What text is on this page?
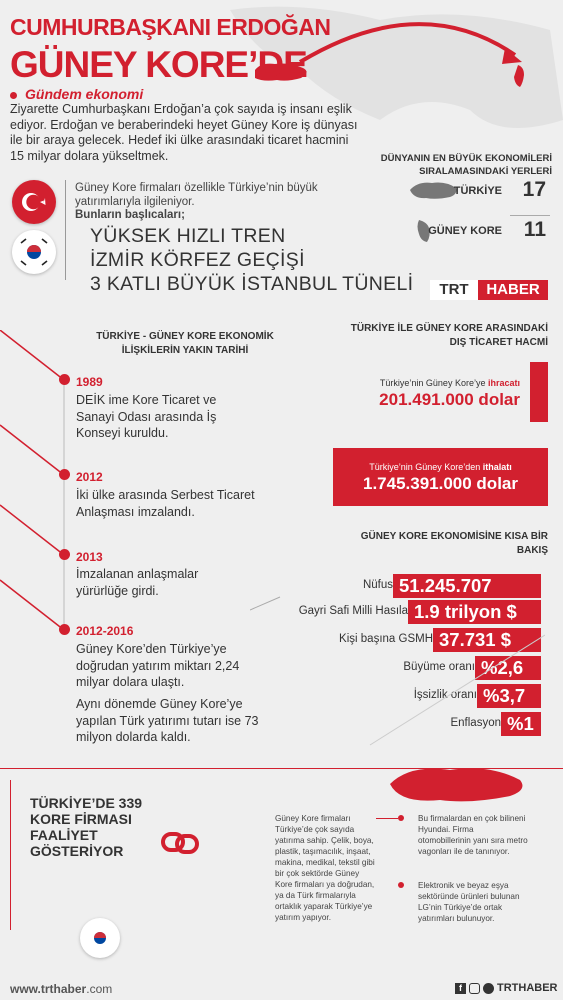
CUMHURBAŞKANI ERDOĞAN
GÜNEY KORE’DE
Gündem ekonomi
Ziyarette Cumhurbaşkanı Erdoğan’a çok sayıda iş insanı eşlik ediyor. Erdoğan ve beraberindeki heyet Güney Kore iş dünyası ile bir araya gelecek. Hedef iki ülke arasındaki ticaret hacmini 15 milyar dolara yükseltmek.	DÜNYANIN EN BÜYÜK EKONOMİLERİ SIRALAMASINDAKİ YERLERİ
TÜRKİYE 17
GÜNEY KORE 11
Güney Kore firmaları özellikle Türkiye’nin büyük yatırımlarıyla ilgileniyor.
Bunların başlıcaları;
YÜKSEK HIZLI TREN
İZMİR KÖRFEZ GEÇİŞİ
3 KATLI BÜYÜK İSTANBUL TÜNELİ	TRT	HABER
TÜRKİYE - GÜNEY KORE EKONOMİK İLİŞKİLERİN YAKIN TARİHİ
1989
DEİK ime Kore Ticaret ve Sanayi Odası arasında İş Konseyi kuruldu.
2012
İki ülke arasında Serbest Ticaret Anlaşması imzalandı.
2013
İmzalanan anlaşmalar yürürlüğe girdi.
2012-2016
Güney Kore’den Türkiye’ye doğrudan yatırım miktarı 2,24 milyar dolara ulaştı.
Aynı dönemde Güney Kore’ye yapılan Türk yatırımı tutarı ise 73 milyon dolarda kaldı.
TÜRKİYE İLE GÜNEY KORE ARASINDAKİ DIŞ TİCARET HACMİ
Türkiye’nin Güney Kore’ye ihracatı
201.491.000 dolar
Türkiye’nin Güney Kore’den ithalatı
1.745.391.000 dolar
GÜNEY KORE EKONOMİSİNE KISA BİR BAKIŞ
Nüfus 51.245.707
Gayri Safi Milli Hasıla 1.9 trilyon $
Kişi başına GSMH 37.731 $
Büyüme oranı %2,6
İşsizlik oranı %3,7
Enflasyon %1
TÜRKİYE’DE 339 KORE FİRMASI FAALİYET GÖSTERİYOR
Güney Kore firmaları Türkiye’de çok sayıda yatırıma sahip. Çelik, boya, plastik, taşımacılık, inşaat, makina, medikal, tekstil gibi bir çok sektörde Güney Kore firmaları ya doğrudan, ya da Türk firmalarıyla ortaklık yaparak Türkiye’ye yatırım yapıyor.
Bu firmalardan en çok bilineni Hyundai. Firma otomobillerinin yanı sıra metro vagonları ile de tanınıyor.
Elektronik ve beyaz eşya sektöründe ürünleri bulunan LG’nin Türkiye’de ortak yatırımları bulunuyor.
www.trthaber.com	f	TRTHABER
